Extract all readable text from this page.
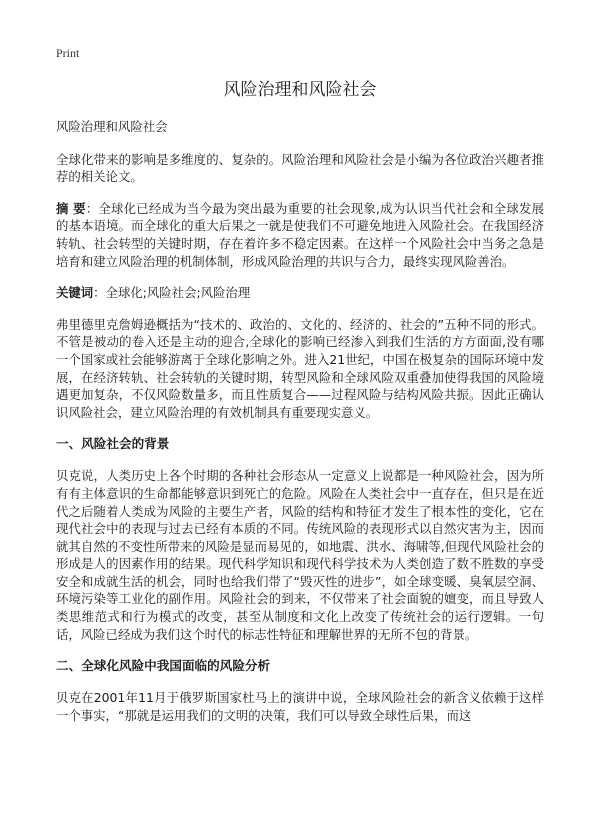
Print
风险治理和风险社会

风险治理和风险社会

全球化带来的影响是多维度的、复杂的。风险治理和风险社会是小编为各位政治兴趣者推荐的相关论文。

摘 要：全球化已经成为当今最为突出最为重要的社会现象,成为认识当代社会和全球发展的基本语境。而全球化的重大后果之一就是使我们不可避免地进入风险社会。在我国经济转轨、社会转型的关键时期，存在着许多不稳定因素。在这样一个风险社会中当务之急是培育和建立风险治理的机制体制，形成风险治理的共识与合力，最终实现风险善治。

关键词：全球化;风险社会;风险治理

弗里德里克詹姆逊概括为“技术的、政治的、文化的、经济的、社会的”五种不同的形式。不管是被动的卷入还是主动的迎合,全球化的影响已经渗入到我们生活的方方面面,没有哪一个国家或社会能够游离于全球化影响之外。进入21世纪，中国在极复杂的国际环境中发展，在经济转轨、社会转轨的关键时期，转型风险和全球风险双重叠加使得我国的风险境遇更加复杂，不仅风险数量多，而且性质复合——过程风险与结构风险共振。因此正确认识风险社会，建立风险治理的有效机制具有重要现实意义。

一、风险社会的背景

贝克说，人类历史上各个时期的各种社会形态从一定意义上说都是一种风险社会，因为所有有主体意识的生命都能够意识到死亡的危险。风险在人类社会中一直存在，但只是在近代之后随着人类成为风险的主要生产者，风险的结构和特征才发生了根本性的变化，它在现代社会中的表现与过去已经有本质的不同。传统风险的表现形式以自然灾害为主，因而就其自然的不变性所带来的风险是显而易见的，如地震、洪水、海啸等,但现代风险社会的形成是人的因素作用的结果。现代科学知识和现代科学技术为人类创造了数不胜数的享受安全和成就生活的机会，同时也给我们带了“毁灭性的进步”，如全球变暖、臭氧层空洞、环境污染等工业化的副作用。风险社会的到来，不仅带来了社会面貌的嬗变，而且导致人类思维范式和行为模式的改变，甚至从制度和文化上改变了传统社会的运行逻辑。一句话，风险已经成为我们这个时代的标志性特征和理解世界的无所不包的背景。

二、全球化风险中我国面临的风险分析

贝克在2001年11月于俄罗斯国家杜马上的演讲中说，全球风险社会的新含义依赖于这样一个事实，“那就是运用我们的文明的决策，我们可以导致全球性后果，而这
